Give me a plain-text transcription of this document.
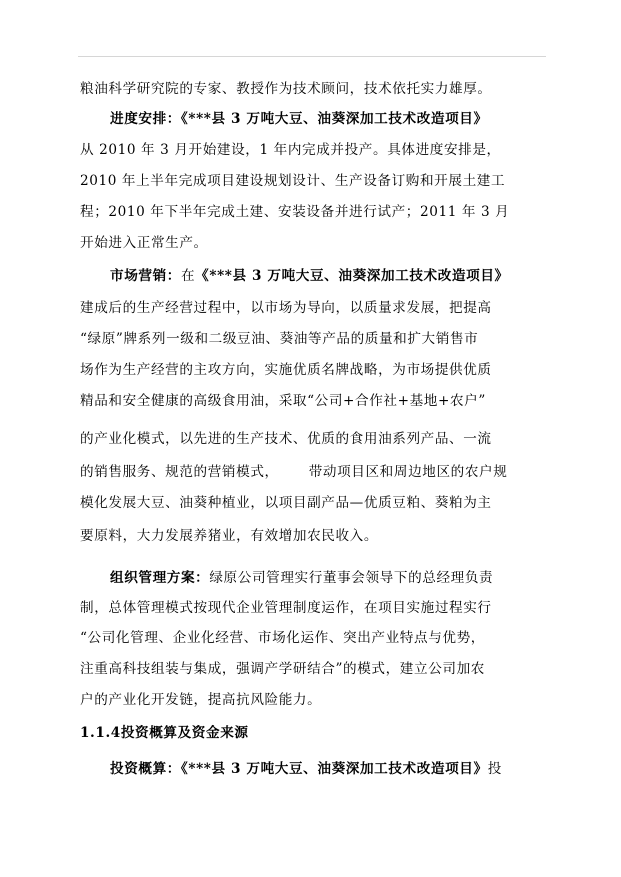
粮油科学研究院的专家、教授作为技术顾问，技术依托实力雄厚。
进度安排：《***县 3 万吨大豆、油葵深加工技术改造项目》
从 2010 年 3 月开始建设，1 年内完成并投产。具体进度安排是，
2010 年上半年完成项目建设规划设计、生产设备订购和开展土建工
程；2010 年下半年完成土建、安装设备并进行试产；2011 年 3 月
开始进入正常生产。
市场营销：在《***县 3 万吨大豆、油葵深加工技术改造项目》
建成后的生产经营过程中，以市场为导向，以质量求发展，把提高
“绿原”牌系列一级和二级豆油、葵油等产品的质量和扩大销售市
场作为生产经营的主攻方向，实施优质名牌战略，为市场提供优质
精品和安全健康的高级食用油，采取“公司+合作社+基地+农户”
的产业化模式，以先进的生产技术、优质的食用油系列产品、一流
的销售服务、规范的营销模式， 带动项目区和周边地区的农户规
模化发展大豆、油葵种植业，以项目副产品—优质豆粕、葵粕为主
要原料，大力发展养猪业，有效增加农民收入。
组织管理方案：绿原公司管理实行董事会领导下的总经理负责
制，总体管理模式按现代企业管理制度运作，在项目实施过程实行
“公司化管理、企业化经营、市场化运作、突出产业特点与优势，
注重高科技组装与集成，强调产学研结合”的模式，建立公司加农
户的产业化开发链，提高抗风险能力。
1.1.4投资概算及资金来源
投资概算：《***县 3 万吨大豆、油葵深加工技术改造项目》投
